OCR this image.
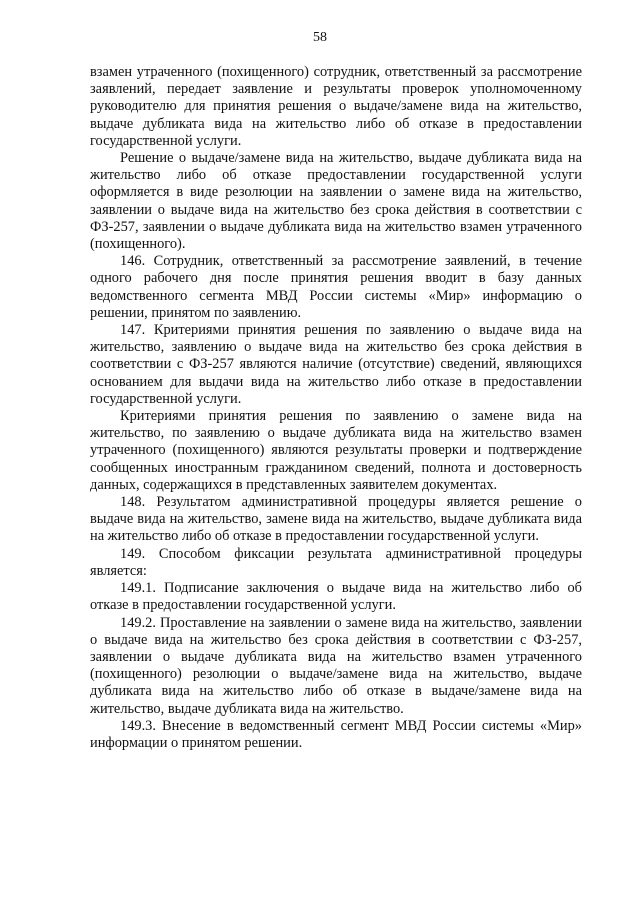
58

взамен утраченного (похищенного) сотрудник, ответственный за рассмотрение заявлений, передает заявление и результаты проверок уполномоченному руководителю для принятия решения о выдаче/замене вида на жительство, выдаче дубликата вида на жительство либо об отказе в предоставлении государственной услуги.

Решение о выдаче/замене вида на жительство, выдаче дубликата вида на жительство либо об отказе предоставлении государственной услуги оформляется в виде резолюции на заявлении о замене вида на жительство, заявлении о выдаче вида на жительство без срока действия в соответствии с ФЗ-257, заявлении о выдаче дубликата вида на жительство взамен утраченного (похищенного).

146. Сотрудник, ответственный за рассмотрение заявлений, в течение одного рабочего дня после принятия решения вводит в базу данных ведомственного сегмента МВД России системы «Мир» информацию о решении, принятом по заявлению.

147. Критериями принятия решения по заявлению о выдаче вида на жительство, заявлению о выдаче вида на жительство без срока действия в соответствии с ФЗ-257 являются наличие (отсутствие) сведений, являющихся основанием для выдачи вида на жительство либо отказе в предоставлении государственной услуги.

Критериями принятия решения по заявлению о замене вида на жительство, по заявлению о выдаче дубликата вида на жительство взамен утраченного (похищенного) являются результаты проверки и подтверждение сообщенных иностранным гражданином сведений, полнота и достоверность данных, содержащихся в представленных заявителем документах.

148. Результатом административной процедуры является решение о выдаче вида на жительство, замене вида на жительство, выдаче дубликата вида на жительство либо об отказе в предоставлении государственной услуги.

149. Способом фиксации результата административной процедуры является:

149.1. Подписание заключения о выдаче вида на жительство либо об отказе в предоставлении государственной услуги.

149.2. Проставление на заявлении о замене вида на жительство, заявлении о выдаче вида на жительство без срока действия в соответствии с ФЗ-257, заявлении о выдаче дубликата вида на жительство взамен утраченного (похищенного) резолюции о выдаче/замене вида на жительство, выдаче дубликата вида на жительство либо об отказе в выдаче/замене вида на жительство, выдаче дубликата вида на жительство.

149.3. Внесение в ведомственный сегмент МВД России системы «Мир» информации о принятом решении.
